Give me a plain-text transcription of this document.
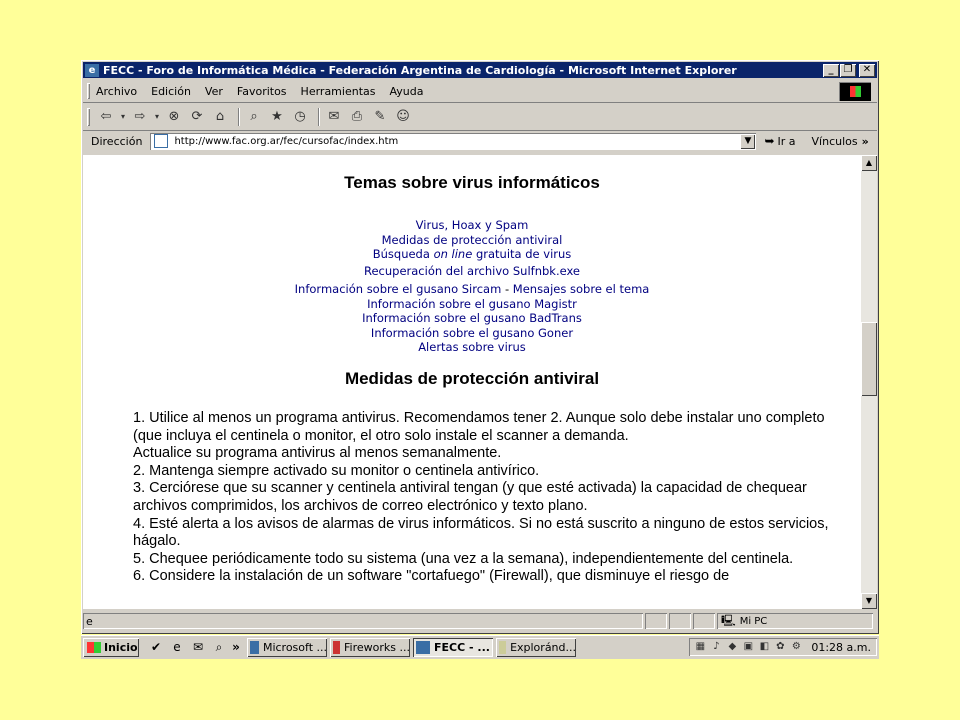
e FECC - Foro de Informática Médica - Federación Argentina de Cardiología - Microsoft Internet Explorer	_	❐	✕
Archivo Edición Ver Favoritos Herramientas Ayuda
⇦	▾ ⇨	▾ ⊗ ⟳	⌂	⌕	★ ◷	✉ ⎙ ✎ ☺
Dirección	http://www.fac.org.ar/fec/cursofac/index.htm	▼	➥ Ir a Vínculos »
Temas sobre virus informáticos
Virus, Hoax y Spam
Medidas de protección antiviral
Búsqueda on line gratuita de virus
Recuperación del archivo Sulfnbk.exe
Información sobre el gusano Sircam - Mensajes sobre el tema
Información sobre el gusano Magistr
Información sobre el gusano BadTrans
Información sobre el gusano Goner
Alertas sobre virus
Medidas de protección antiviral
1. Utilice al menos un programa antivirus. Recomendamos tener 2. Aunque solo debe instalar uno completo (que incluya el centinela o monitor, el otro solo instale el scanner a demanda.
Actualice su programa antivirus al menos semanalmente.
2. Mantenga siempre activado su monitor o centinela antivírico.
3. Cerciórese que su scanner y centinela antiviral tengan (y que esté activada) la capacidad de chequear archivos comprimidos, los archivos de correo electrónico y texto plano.
4. Esté alerta a los avisos de alarmas de virus informáticos. Si no está suscrito a ninguno de estos servicios, hágalo.
5. Chequee periódicamente todo su sistema (una vez a la semana), independientemente del centinela.
6. Considere la instalación de un software "cortafuego" (Firewall), que disminuye el riesgo de
▲
▼
e	🖳 Mi PC
Inicio	✔	e	✉	⌕ » Microsoft ... Fireworks ... FECC - ... Exploránd...	▦ ♪ ◆ ▣ ◧ ✿ ⚙ 01:28 a.m.
